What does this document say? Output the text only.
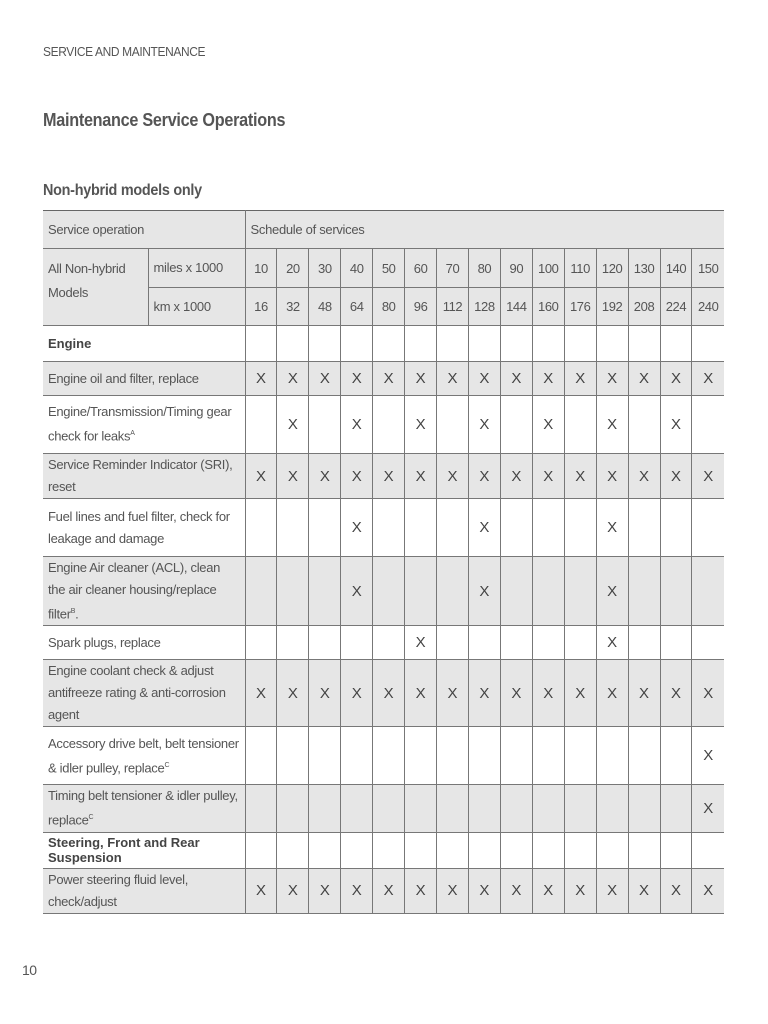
SERVICE AND MAINTENANCE
Maintenance Service Operations
Non-hybrid models only
Service operation		Schedule of services														
All Non-hybrid Models	miles x 1000	10	20	30	40	50	60	70	80	90	100	110	120	130	140	150
	km x 1000	16	32	48	64	80	96	112	128	144	160	176	192	208	224	240
Engine																
Engine oil and filter, replace		X	X	X	X	X	X	X	X	X	X	X	X	X	X	X
Engine/Transmission/Timing gear check for leaks$^A$			X		X		X		X		X		X		X	
Service Reminder Indicator (SRI), reset		X	X	X	X	X	X	X	X	X	X	X	X	X	X	X
Fuel lines and fuel filter, check for leakage and damage					X				X				X			
Engine Air cleaner (ACL), clean the air cleaner housing/replace filter$^B$.					X				X				X			
Spark plugs, replace							X						X			
Engine coolant check & adjust antifreeze rating & anti-corrosion agent		X	X	X	X	X	X	X	X	X	X	X	X	X	X	X
Accessory drive belt, belt tensioner & idler pulley, replace$^C$																X
Timing belt tensioner & idler pulley, replace$^C$																X
Steering, Front and Rear Suspension																
Power steering fluid level, check/adjust		X	X	X	X	X	X	X	X	X	X	X	X	X	X	X
10
